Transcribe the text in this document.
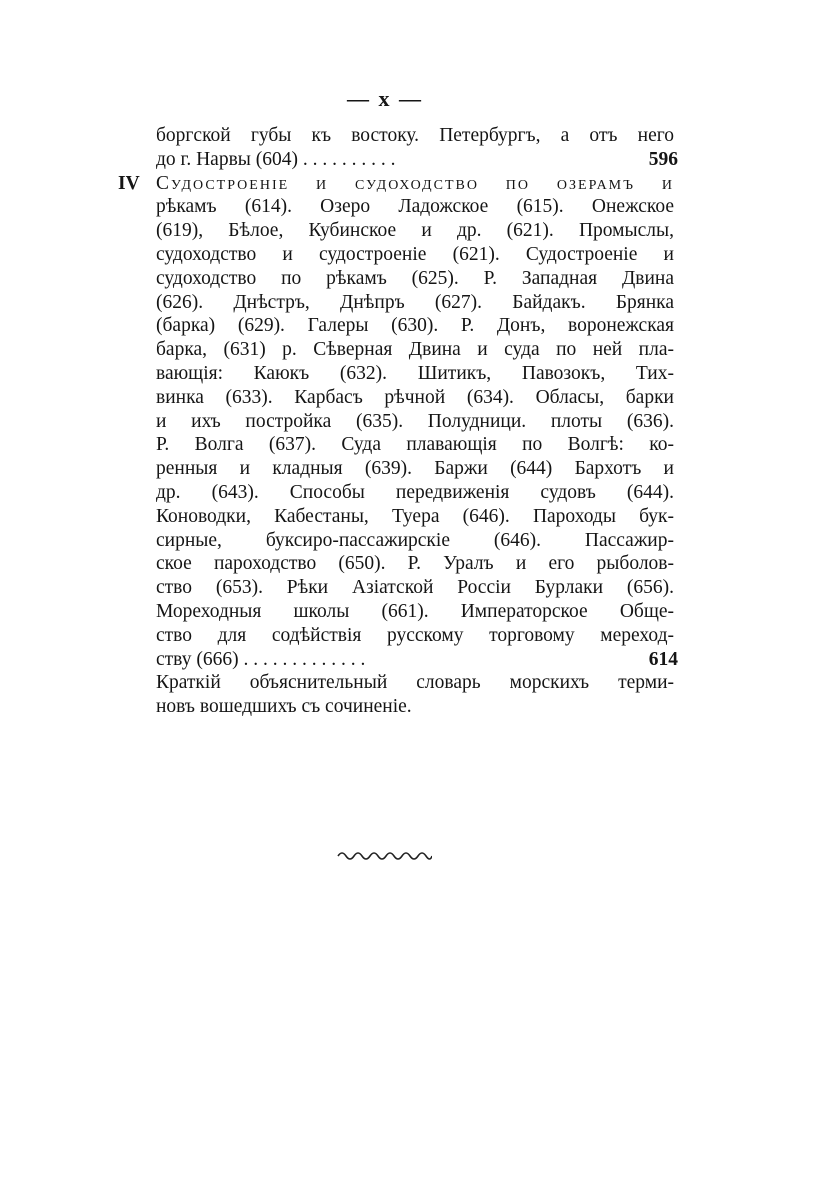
— x —
боргской губы къ востоку. Петербургъ, а отъ него
до г. Нарвы (604) . . . . . . . . . .	596
IV Судостроеніе и судоходство по озерамъ и
рѣкамъ (614). Озеро Ладожское (615). Онежское
(619), Бѣлое, Кубинское и др. (621). Промыслы,
судоходство и судостроеніе (621). Судостроеніе и
судоходство по рѣкамъ (625). Р. Западная Двина
(626). Днѣстръ, Днѣпръ (627). Байдакъ. Брянка
(барка) (629). Галеры (630). Р. Донъ, воронежская
барка, (631) р. Сѣверная Двина и суда по ней пла-
вающія: Каюкъ (632). Шитикъ, Павозокъ, Тих-
винка (633). Карбасъ рѣчной (634). Обласы, барки
и ихъ постройка (635). Полудници. плоты (636).
Р. Волга (637). Суда плавающія по Волгѣ: ко-
ренныя и кладныя (639). Баржи (644) Бархотъ и
др. (643). Способы передвиженія судовъ (644).
Коноводки, Кабестаны, Туера (646). Пароходы бук-
сирные, буксиро-пассажирскіе (646). Пассажир-
ское пароходство (650). Р. Уралъ и его рыболов-
ство (653). Рѣки Азіатской Россіи Бурлаки (656).
Мореходныя школы (661). Императорское Обще-
ство для содѣйствія русскому торговому мереход-
ству (666) . . . . . . . . . . . . .	614
Краткій объяснительный словарь морскихъ терми-
новъ вошедшихъ съ сочиненіе.
